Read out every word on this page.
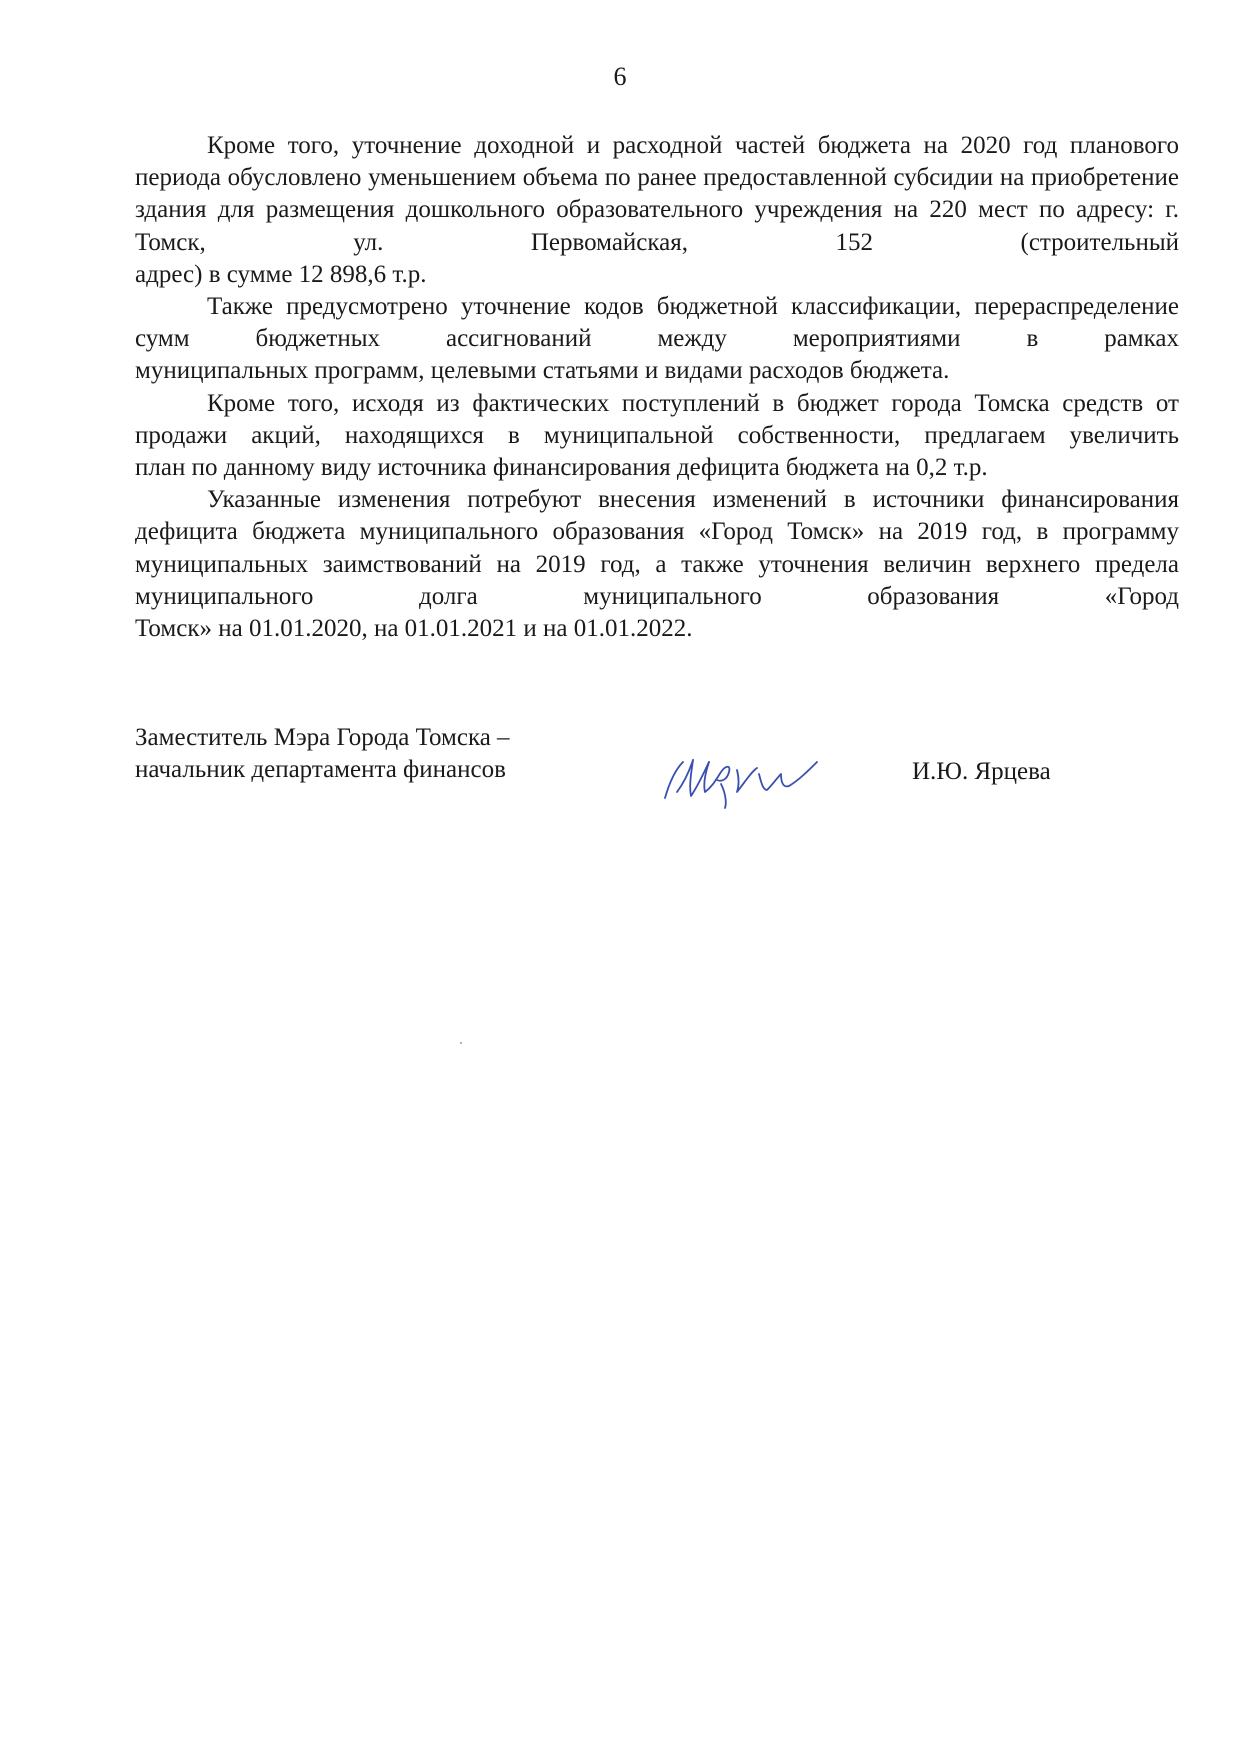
6

Кроме того, уточнение доходной и расходной частей бюджета на 2020 год планового периода обусловлено уменьшением объема по ранее предоставленной субсидии на приобретение здания для размещения дошкольного образовательного учреждения на 220 мест по адресу: г. Томск, ул. Первомайская, 152 (строительный

адрес) в сумме 12 898,6 т.р.

Также предусмотрено уточнение кодов бюджетной классификации, перераспределение сумм бюджетных ассигнований между мероприятиями в рамках

муниципальных программ, целевыми статьями и видами расходов бюджета.

Кроме того, исходя из фактических поступлений в бюджет города Томска средств от продажи акций, находящихся в муниципальной собственности, предлагаем увеличить

план по данному виду источника финансирования дефицита бюджета на 0,2 т.р.

Указанные изменения потребуют внесения изменений в источники финансирования дефицита бюджета муниципального образования «Город Томск» на 2019 год, в программу муниципальных заимствований на 2019 год, а также уточнения величин верхнего предела муниципального долга муниципального образования «Город

Томск» на 01.01.2020, на 01.01.2021 и на 01.01.2022.

Заместитель Мэра Города Томска –
начальник департамента финансов	И.Ю. Ярцева
